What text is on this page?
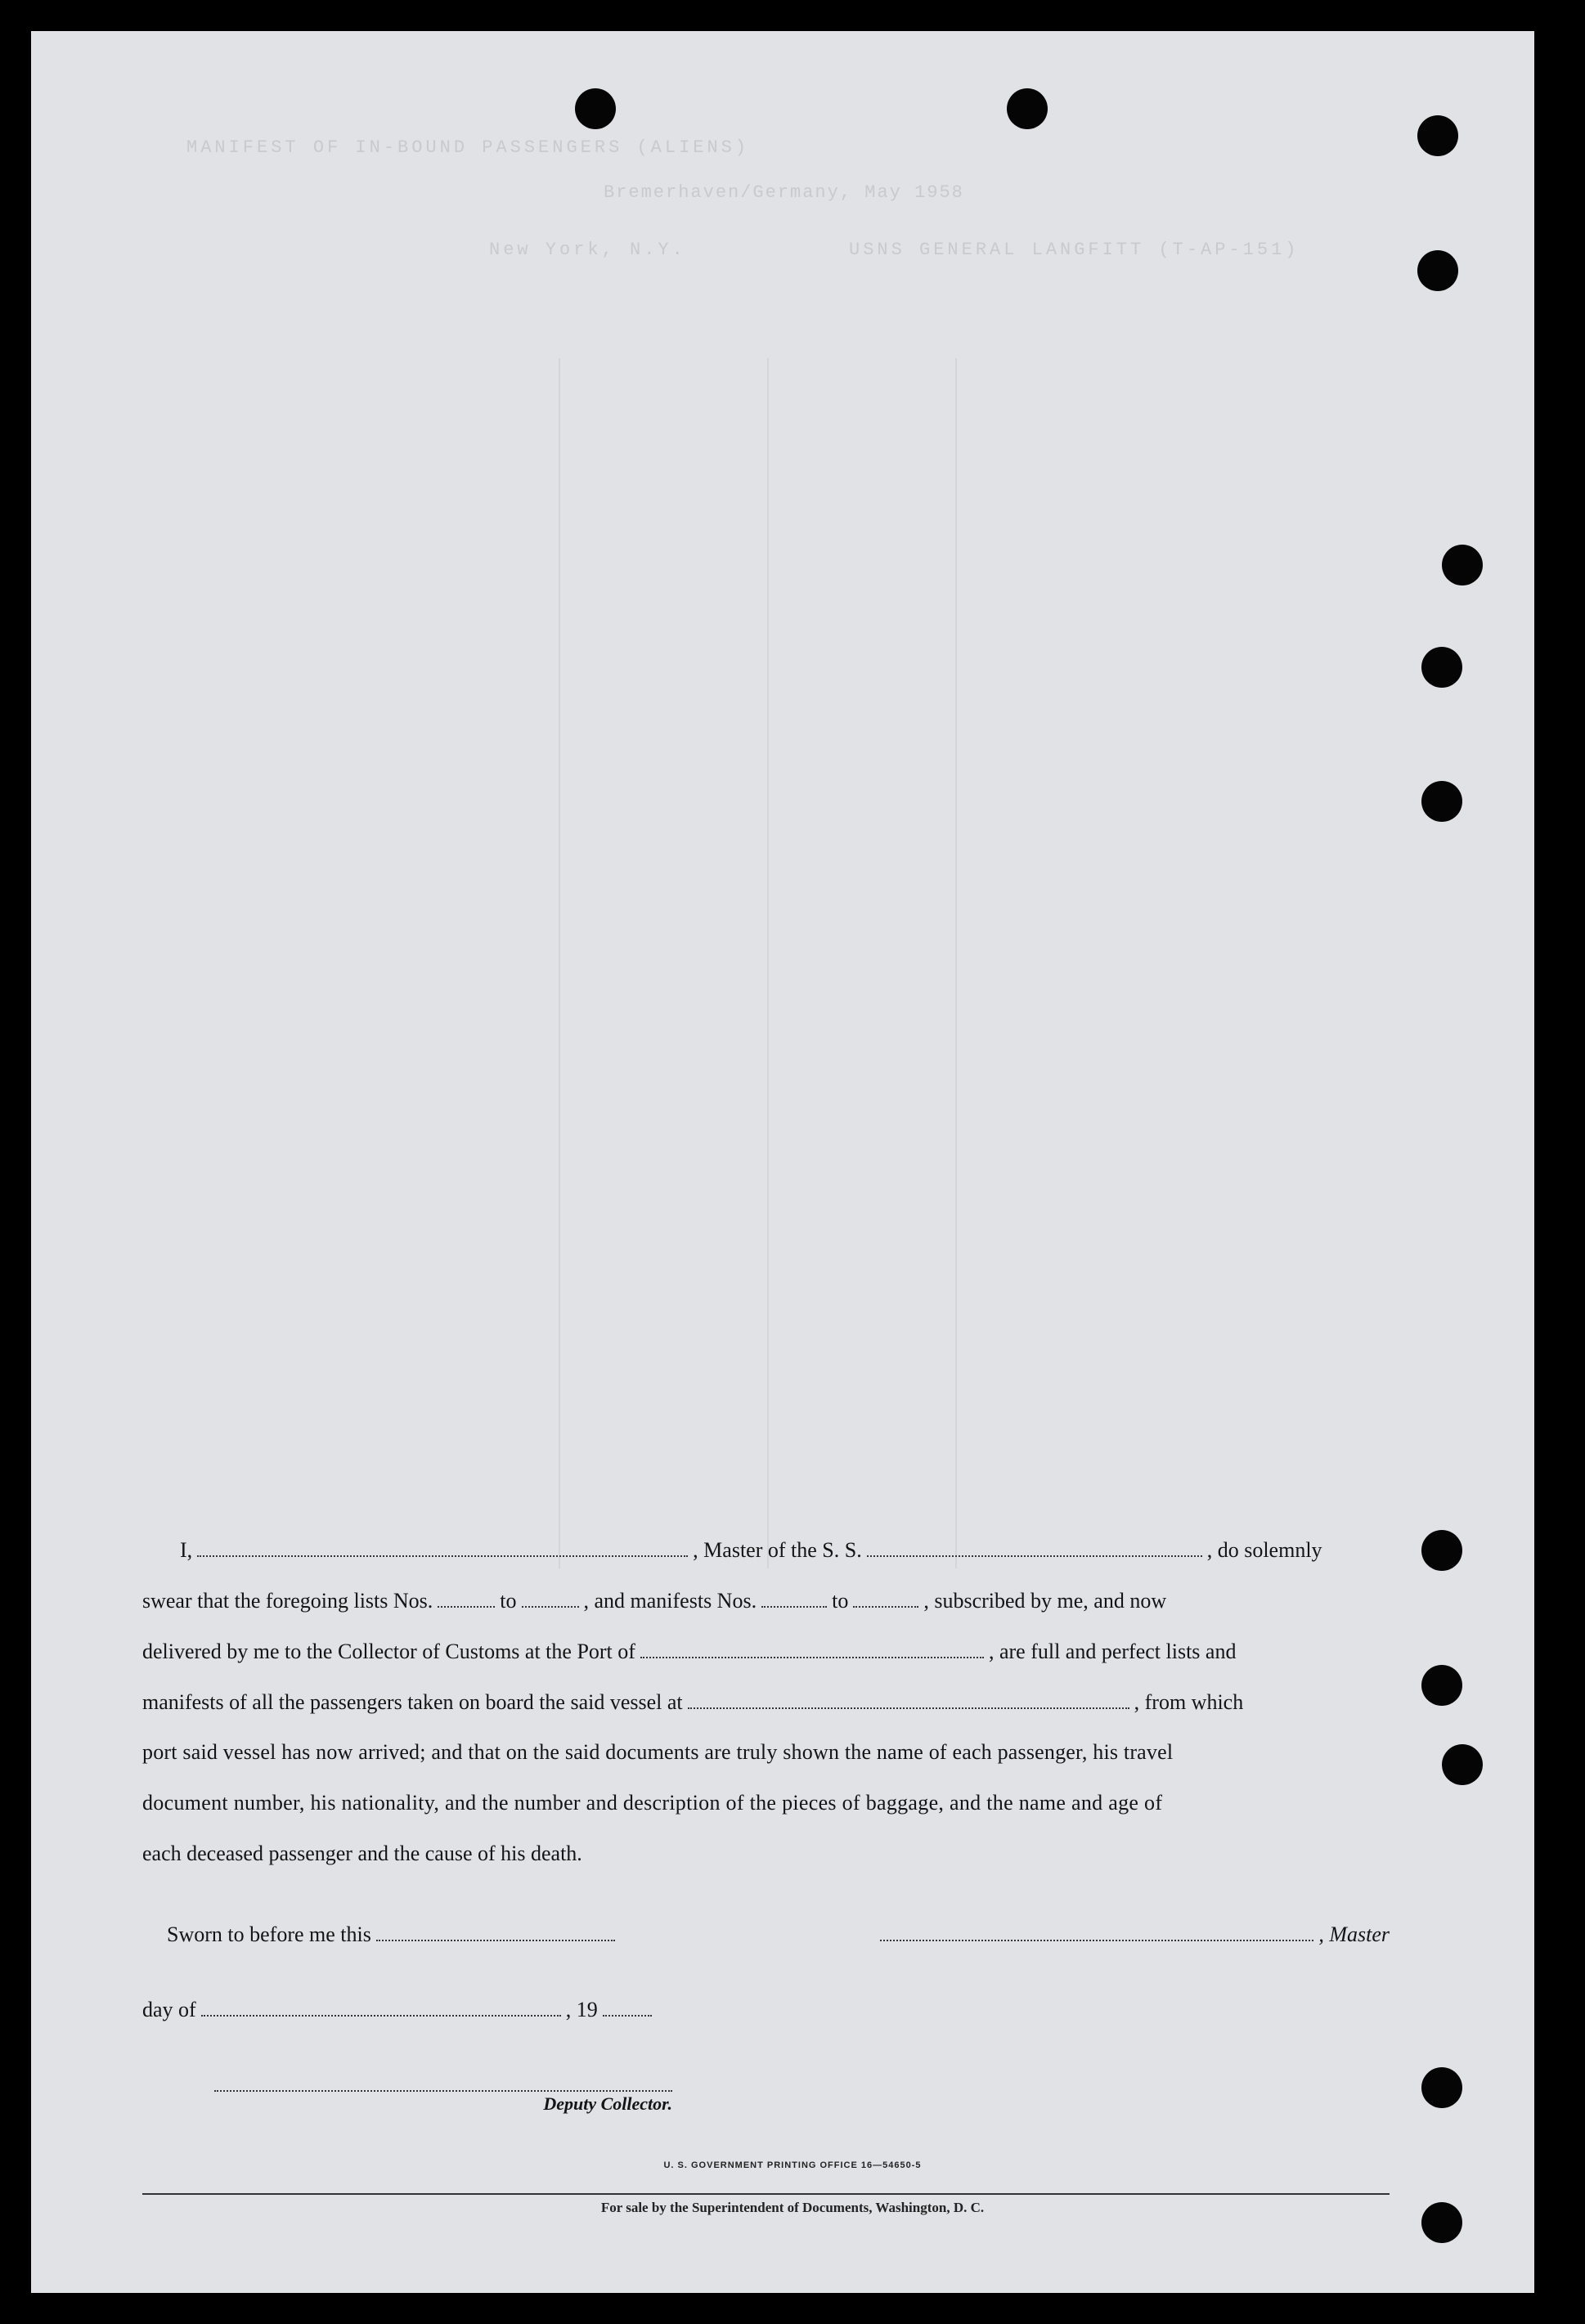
MANIFEST OF IN-BOUND PASSENGERS (ALIENS)
Bremerhaven/Germany, May 1958
New York, N.Y.	USNS GENERAL LANGFITT (T-AP-151)
I,	, Master of the S. S.	, do solemnly
swear that the foregoing lists Nos.	to	, and manifests Nos.	to	, subscribed by me, and now
delivered by me to the Collector of Customs at the Port of	, are full and perfect lists and
manifests of all the passengers taken on board the said vessel at	, from which
port said vessel has now arrived; and that on the said documents are truly shown the name of each passenger, his travel
document number, his nationality, and the number and description of the pieces of baggage, and the name and age of
each deceased passenger and the cause of his death.
Sworn to before me this	, Master
day of	, 19
Deputy Collector.
U. S. GOVERNMENT PRINTING OFFICE 16—54650-5
For sale by the Superintendent of Documents, Washington, D. C.
